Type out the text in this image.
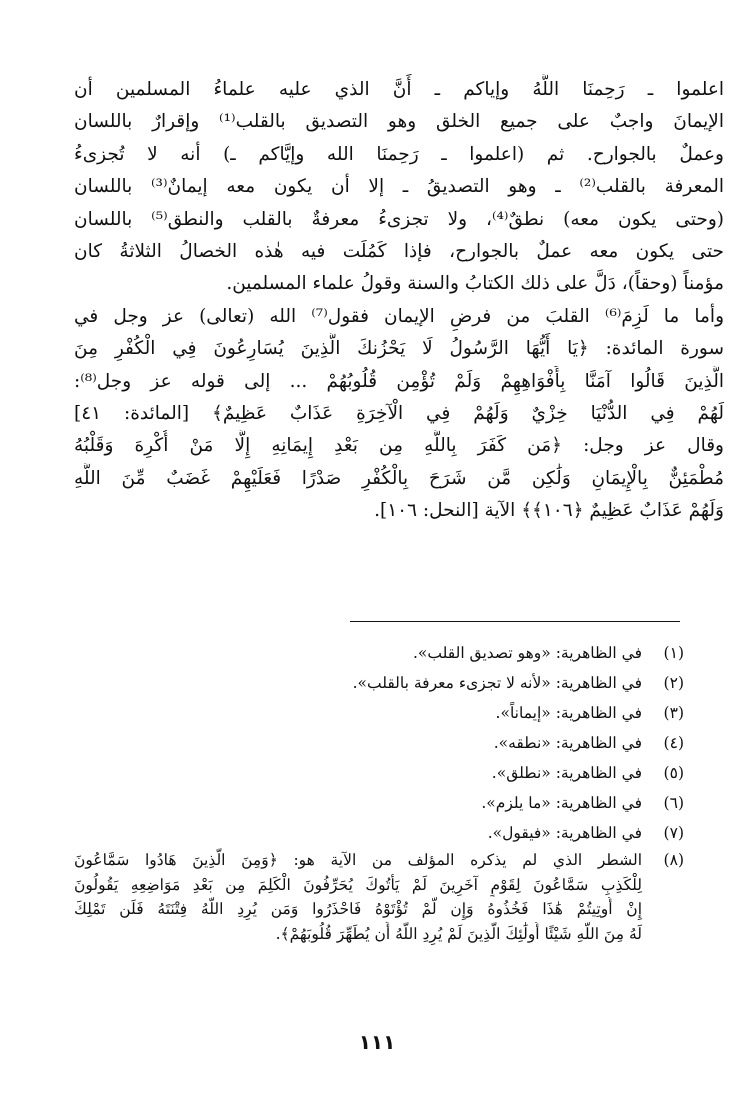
اعلموا ـ رَحِمنَا اللَّهُ وإياكم ـ أَنَّ الذي عليه علماءُ المسلمين أن
الإيمانَ واجبٌ على جميع الخلق وهو التصديق بالقلب⁽¹⁾ وإقرارٌ باللسان
وعملٌ بالجوارح. ثم (اعلموا ـ رَحِمنَا الله وإيَّاكم ـ) أنه لا تُجزىءُ
المعرفة بالقلب⁽²⁾ ـ وهو التصديقُ ـ إلا أن يكون معه إيمانٌ⁽³⁾ باللسان
(وحتى يكون معه) نطقٌ⁽⁴⁾، ولا تجزىءُ معرفةٌ بالقلب والنطق⁽⁵⁾ باللسان
حتى يكون معه عملٌ بالجوارح، فإذا كَمُلَت فيه هٰذه الخصالُ الثلاثةُ كان
مؤمناً (وحقاً)، دَلَّ على ذلك الكتابُ والسنة وقولُ علماء المسلمين.
وأما ما لَزِمَ⁽⁶⁾ القلبَ من فرضِ الإيمان فقول⁽⁷⁾ الله (تعالى) عز وجل في
سورة المائدة: ﴿يَا أَيُّهَا الرَّسُولُ لَا يَحْزُنكَ الَّذِينَ يُسَارِعُونَ فِي الْكُفْرِ مِنَ
الَّذِينَ قَالُوا آمَنَّا بِأَفْوَاهِهِمْ وَلَمْ تُؤْمِن قُلُوبُهُمْ ... إلى قوله عز وجل⁽⁸⁾:
لَهُمْ فِي الدُّنْيَا خِزْيٌ وَلَهُمْ فِي الْآخِرَةِ عَذَابٌ عَظِيمٌ﴾ [المائدة: ٤١]
وقال عز وجل: ﴿مَن كَفَرَ بِاللَّهِ مِن بَعْدِ إِيمَانِهِ إِلَّا مَنْ أُكْرِهَ وَقَلْبُهُ
مُطْمَئِنٌّ بِالْإِيمَانِ وَلَٰكِن مَّن شَرَحَ بِالْكُفْرِ صَدْرًا فَعَلَيْهِمْ غَضَبٌ مِّنَ اللَّهِ
وَلَهُمْ عَذَابٌ عَظِيمٌ ﴿١٠٦﴾﴾ الآية [النحل: ١٠٦].
(١)في الظاهرية: «وهو تصديق القلب».
(٢)في الظاهرية: «لأنه لا تجزىء معرفة بالقلب».
(٣)في الظاهرية: «إيماناً».
(٤)في الظاهرية: «نطقه».
(٥)في الظاهرية: «نطلق».
(٦)في الظاهرية: «ما يلزم».
(٧)في الظاهرية: «فيقول».
(٨)الشطر الذي لم يذكره المؤلف من الآية هو: ﴿وَمِنَ الَّذِينَ هَادُوا سَمَّاعُونَ
لِلْكَذِبِ سَمَّاعُونَ لِقَوْمٍ آخَرِينَ لَمْ يَأْتُوكَ يُحَرِّفُونَ الْكَلِمَ مِن بَعْدِ مَوَاضِعِهِ يَقُولُونَ
إِنْ أُوتِيتُمْ هَٰذَا فَخُذُوهُ وَإِن لَّمْ تُؤْتَوْهُ فَاحْذَرُوا وَمَن يُرِدِ اللَّهُ فِتْنَتَهُ فَلَن تَمْلِكَ
لَهُ مِنَ اللَّهِ شَيْئًا أُولَٰئِكَ الَّذِينَ لَمْ يُرِدِ اللَّهُ أَن يُطَهِّرَ قُلُوبَهُمْ﴾.
١١١
